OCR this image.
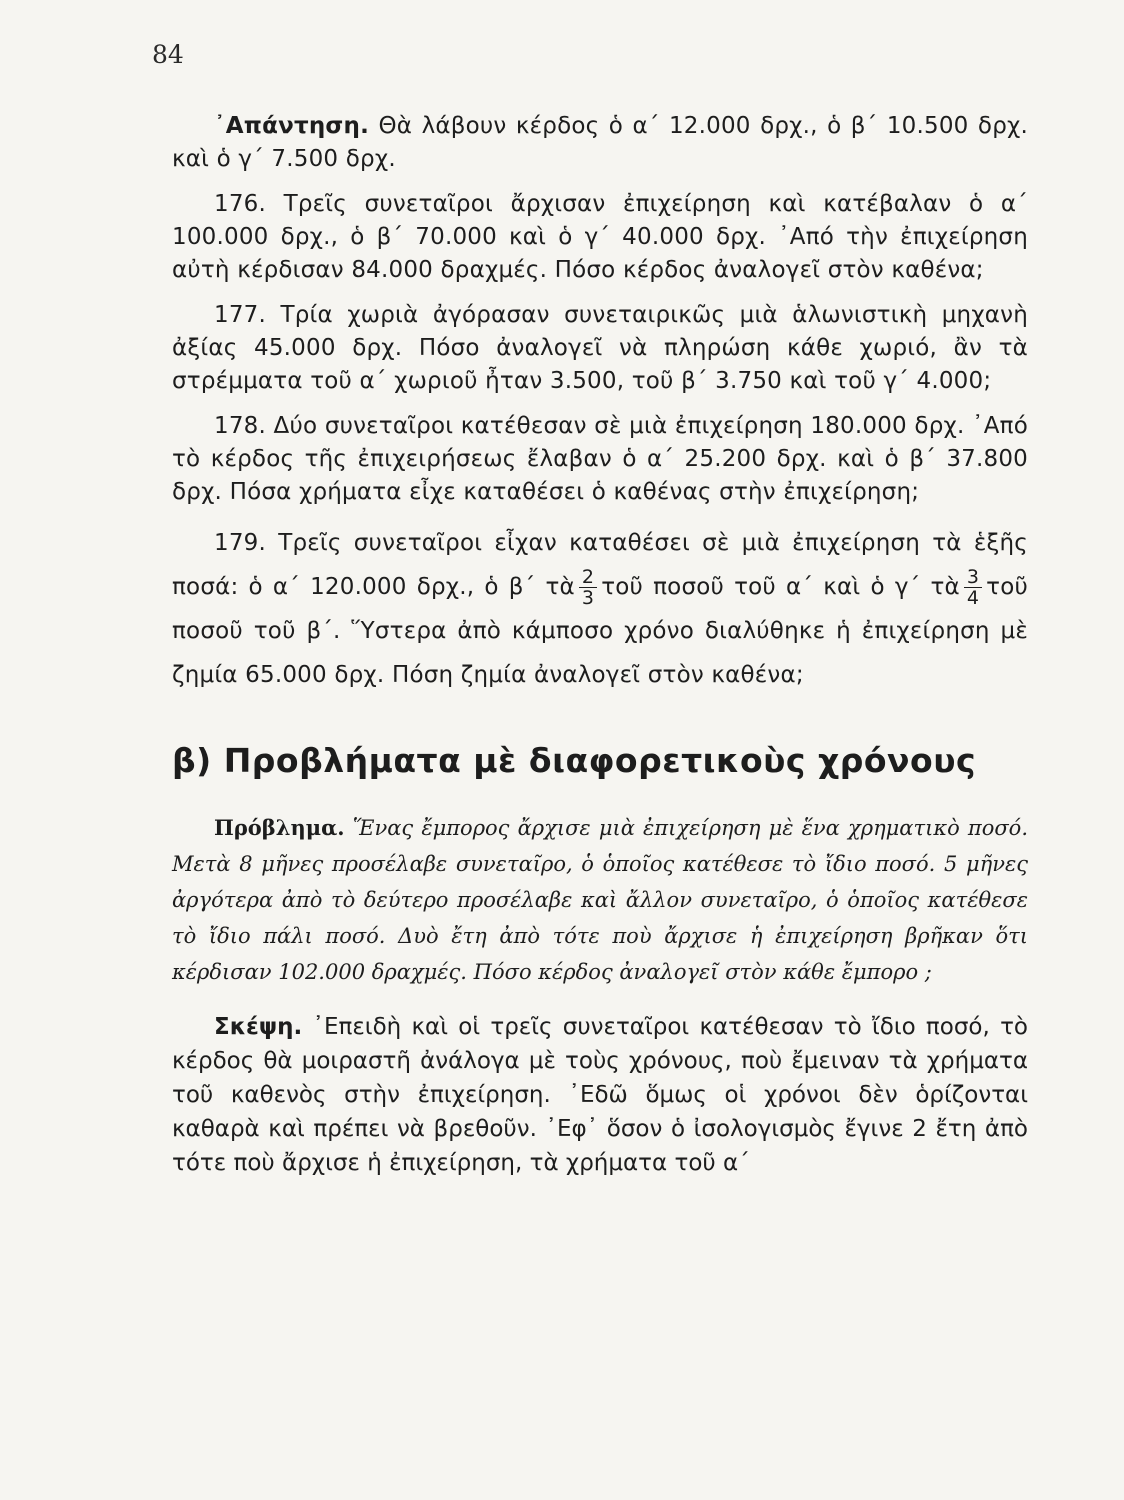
84

᾽Απάντηση. Θὰ λάβουν κέρδος ὁ α΄ 12.000 δρχ., ὁ β΄ 10.500 δρχ. καὶ ὁ γ΄ 7.500 δρχ.

176. Τρεῖς συνεταῖροι ἄρχισαν ἐπιχείρηση καὶ κατέβαλαν ὁ α΄ 100.000 δρχ., ὁ β΄ 70.000 καὶ ὁ γ΄ 40.000 δρχ. ᾽Από τὴν ἐπιχείρηση αὐτὴ κέρδισαν 84.000 δραχμές. Πόσο κέρδος ἀναλογεῖ στὸν καθένα;

177. Τρία χωριὰ ἀγόρασαν συνεταιρικῶς μιὰ ἁλωνιστικὴ μηχανὴ ἀξίας 45.000 δρχ. Πόσο ἀναλογεῖ νὰ πληρώση κάθε χωριό, ἂν τὰ στρέμματα τοῦ α΄ χωριοῦ ἦταν 3.500, τοῦ β΄ 3.750 καὶ τοῦ γ΄ 4.000;

178. Δύο συνεταῖροι κατέθεσαν σὲ μιὰ ἐπιχείρηση 180.000 δρχ. ᾽Από τὸ κέρδος τῆς ἐπιχειρήσεως ἔλαβαν ὁ α΄ 25.200 δρχ. καὶ ὁ β΄ 37.800 δρχ. Πόσα χρήματα εἶχε καταθέσει ὁ καθένας στὴν ἐπιχείρηση;

179. Τρεῖς συνεταῖροι εἶχαν καταθέσει σὲ μιὰ ἐπιχείρηση τὰ ἑξῆς ποσά: ὁ α΄ 120.000 δρχ., ὁ β΄ τὰ $\frac{2}{3}$ τοῦ ποσοῦ τοῦ α΄ καὶ ὁ γ΄ τὰ $\frac{3}{4}$ τοῦ ποσοῦ τοῦ β΄. Ὕστερα ἀπὸ κάμποσο χρόνο διαλύθηκε ἡ ἐπιχείρηση μὲ ζημία 65.000 δρχ. Πόση ζημία ἀναλογεῖ στὸν καθένα;

β) Προβλήματα μὲ διαφορετικοὺς χρόνους

Πρόβλημα. Ἕνας ἔμπορος ἄρχισε μιὰ ἐπιχείρηση μὲ ἕνα χρηματικὸ ποσό. Μετὰ 8 μῆνες προσέλαβε συνεταῖρο, ὁ ὁποῖος κατέθεσε τὸ ἴδιο ποσό. 5 μῆνες ἀργότερα ἀπὸ τὸ δεύτερο προσέλαβε καὶ ἄλλον συνεταῖρο, ὁ ὁποῖος κατέθεσε τὸ ἴδιο πάλι ποσό. Δυὸ ἔτη ἀπὸ τότε ποὺ ἄρχισε ἡ ἐπιχείρηση βρῆκαν ὅτι κέρδισαν 102.000 δραχμές. Πόσο κέρδος ἀναλογεῖ στὸν κάθε ἔμπορο ;

Σκέψη. ᾽Επειδὴ καὶ οἱ τρεῖς συνεταῖροι κατέθεσαν τὸ ἴδιο ποσό, τὸ κέρδος θὰ μοιραστῆ ἀνάλογα μὲ τοὺς χρόνους, ποὺ ἔμειναν τὰ χρήματα τοῦ καθενὸς στὴν ἐπιχείρηση. ᾽Εδῶ ὅμως οἱ χρόνοι δὲν ὁρίζονται καθαρὰ καὶ πρέπει νὰ βρεθοῦν. ᾽Εφ᾽ ὅσον ὁ ἰσολογισμὸς ἔγινε 2 ἔτη ἀπὸ τότε ποὺ ἄρχισε ἡ ἐπιχείρηση, τὰ χρήματα τοῦ α΄
